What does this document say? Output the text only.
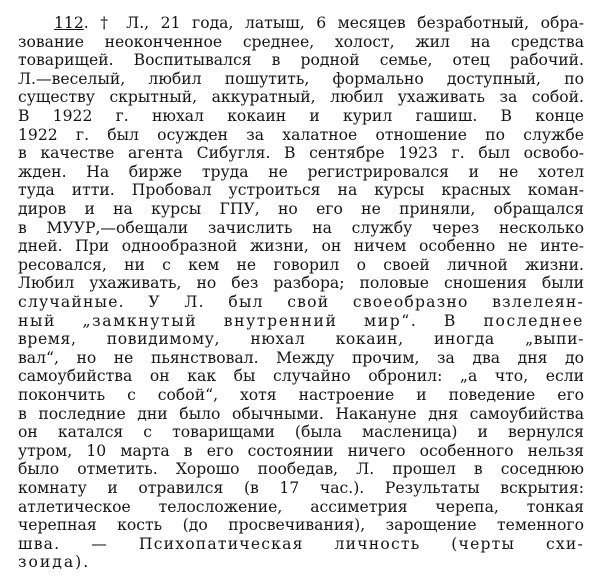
112. † Л., 21 года, латыш, 6 месяцев безработный, обра-
зование неоконченное среднее, холост, жил на средства
товарищей. Воспитывался в родной семье, отец рабочий.
Л.—веселый, любил пошутить, формально доступный, по
существу скрытный, аккуратный, любил ухаживать за собой.
В 1922 г. нюхал кокаин и курил гашиш. В конце
1922 г. был осужден за халатное отношение по службе
в качестве агента Сибугля. В сентябре 1923 г. был освобо-
жден. На бирже труда не регистрировался и не хотел
туда итти. Пробовал устроиться на курсы красных коман-
диров и на курсы ГПУ, но его не приняли, обращался
в МУУР,—обещали зачислить на службу через несколько
дней. При однообразной жизни, он ничем особенно не инте-
ресовался, ни с кем не говорил о своей личной жизни.
Любил ухаживать, но без разбора; половые сношения были
случайные. У Л. был свой своеобразно взлелеян-
ный „замкнутый внутренний мир“. В последнее
время, повидимому, нюхал кокаин, иногда „выпи-
вал“, но не пьянствовал. Между прочим, за два дня до
самоубийства он как бы случайно обронил: „а что, если
покончить с собой“, хотя настроение и поведение его
в последние дни было обычными. Накануне дня самоубийства
он катался с товарищами (была масленица) и вернулся
утром, 10 марта в его состоянии ничего особенного нельзя
было отметить. Хорошо пообедав, Л. прошел в соседнюю
комнату и отравился (в 17 час.). Результаты вскрытия:
атлетическое телосложение, ассиметрия черепа, тонкая
черепная кость (до просвечивания), зарощение теменного
шва. — Психопатическая личность (черты схи-
зоида).
